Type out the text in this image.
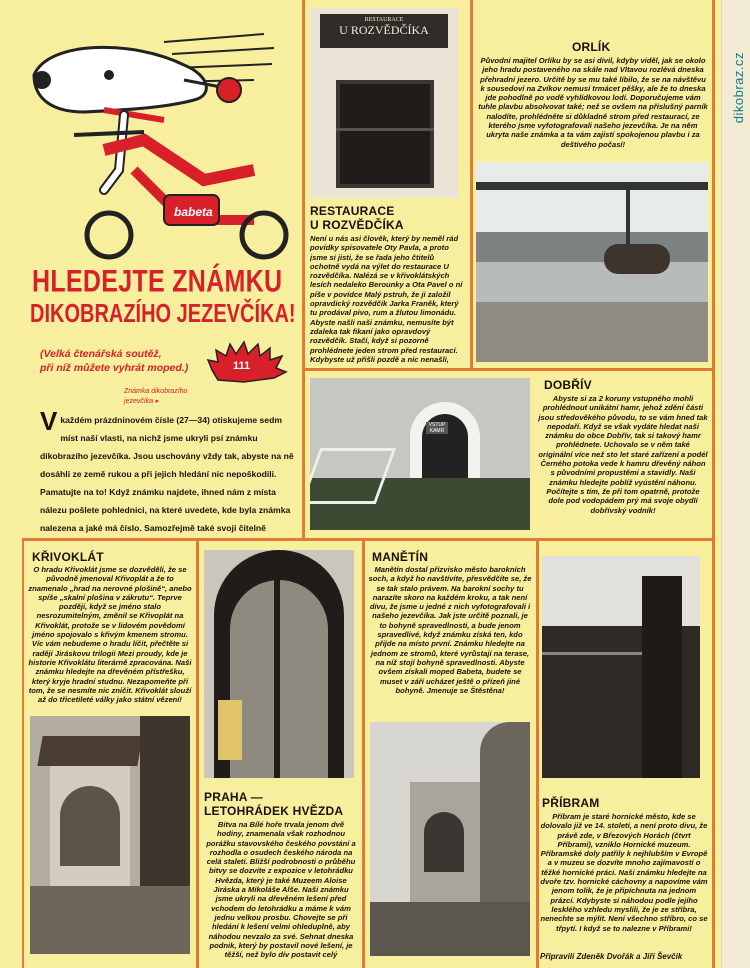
babeta
HLEDEJTE ZNÁMKU
DIKOBRAZÍHO JEZEVČÍKA!
(Velká čtenářská soutěž,
při níž můžete vyhrát moped.)	111
Známka dikobrazího
jezevčíka ▸
V každém prázdninovém čísle (27—34) otiskujeme sedm míst naší vlasti, na nichž jsme ukryli psí známku dikobrazího jezevčíka. Jsou uschovány vždy tak, abyste na ně dosáhli ze země rukou a při jejich hledání nic nepoškodili. Pamatujte na to! Když známku najdete, ihned nám z místa nálezu pošlete pohlednici, na které uvedete, kde byla známka nalezena a jaké má číslo. Samozřejmě také svoji čitelně
RESTAURACE
U ROZVĚDČÍKA
RESTAURACE
U ROZVĚDČÍKA
Není u nás asi člověk, který by neměl rád povídky spisovatele Oty Pavla, a proto jsme si jisti, že se řada jeho čtitelů ochotně vydá na výlet do restaurace U rozvědčíka. Nalézá se v křivoklátských lesích nedaleko Berounky a Ota Pavel o ní píše v povídce Malý pstruh, že ji založil opravdický rozvědčík Jarka Franěk, který tu prodával pivo, rum a žlutou limonádu. Abyste našli naši známku, nemusíte být zdaleka tak fikaní jako opravdový rozvědčík. Stačí, když si pozorně prohlédnete jeden strom před restaurací. Kdybyste už přišli pozdě a nic nenašli,
ORLÍK
Původní majitel Orlíku by se asi divil, kdyby viděl, jak se okolo jeho hradu postaveného na skále nad Vltavou rozlévá dneska přehradní jezero. Určitě by se mu také líbilo, že se na návštěvu k sousedovi na Zvíkov nemusí trmácet pěšky, ale že to dneska jde pohodlně po vodě vyhlídkovou lodí. Doporučujeme vám tuhle plavbu absolvovat také; než se ovšem na příslušný parník nalodíte, prohlédněte si důkladně strom před restaurací, ze kterého jsme vyfotografovali našeho jezevčíka. Je na něm ukryta naše známka a ta vám zajistí spokojenou plavbu i za deštivého počasí!
VSTUP KAMR
DOBŘÍV
Abyste si za 2 koruny vstupného mohli prohlédnout unikátní hamr, jehož zdění části jsou středověkého původu, to se vám hned tak nepodaří. Když se však vydáte hledat naši známku do obce Dobřív, tak si takový hamr prohlédnete. Uchovalo se v něm také originální více než sto let staré zařízení a podél Černého potoka vede k hamru dřevěný náhon s původními propustěmi a stavidly. Naši známku hledejte poblíž vyústění náhonu. Počítejte s tím, že při tom opatrně, protože dole pod vodopádem prý má svoje obydlí dobřívský vodník!
KŘIVOKLÁT
O hradu Křivoklát jsme se dozvěděli, že se původně jmenoval Křivoplát a že to znamenalo „hrad na nerovné plošině“, anebo spíše „skalní plošina v zákrutu“. Teprve později, když se jméno stalo nesrozumitelným, změnil se Křivoplát na Křivoklát, protože se v lidovém povědomí jméno spojovalo s křivým kmenem stromu. Víc vám nebudeme o hradu líčit, přečtěte si raději Jiráskovu trilogii Mezi proudy, kde je historie Křivoklátu literárně zpracována. Naši známku hledejte na dřevěném přístřešku, který kryje hradní studnu. Nezapomeňte při tom, že se nesmíte nic zničit. Křivoklát slouží až do třicetileté války jako státní vězení!
PRAHA —
LETOHRÁDEK HVĚZDA
Bitva na Bílé hoře trvala jenom dvě hodiny, znamenala však rozhodnou porážku stavovského českého povstání a rozhodla o osudech českého národa na celá staletí. Bližší podrobnosti o průběhu bitvy se dozvíte z expozice v letohrádku Hvězda, který je také Muzeem Aloise Jiráska a Mikoláše Alše. Naši známku jsme ukryli na dřevěném lešení před vchodem do letohrádku a máme k vám jednu velkou prosbu. Chovejte se při hledání k lešení velmi ohleduplně, aby náhodou nevzalo za své. Sehnat dneska podnik, který by postavil nové lešení, je těžší, než bylo dív postavit celý
MANĚTÍN
Manětín dostal přízvisko město barokních soch, a když ho navštívíte, přesvědčíte se, že se tak stalo právem. Na barokní sochy tu narazíte skoro na každém kroku, a tak není divu, že jsme u jedné z nich vyfotografovali i našeho jezevčíka. Jak jste určitě poznali, je to bohyně spravedlnosti, a bude jenom spravedlivé, když známku získá ten, kdo přijde na místo první. Známku hledejte na jednom ze stromů, které vyrůstají na terase, na níž stojí bohyně spravedlnosti. Abyste ovšem získali moped Babeta, budete se muset v září ucházet ještě o přízeň jiné bohyně. Jmenuje se Štěstěna!
PŘÍBRAM
Příbram je staré hornické město, kde se dolovalo již ve 14. století, a není proto divu, že právě zde, v Březových Horách (čtvrt Příbrami), vzniklo Hornické muzeum. Příbramské doly patřily k nejhlubším v Evropě a v muzeu se dozvíte mnoho zajímavostí o těžké hornické práci. Naši známku hledejte na dvoře tzv. hornické cáchovny a napovíme vám jenom tolik, že je připíchnuta na jednom prázcí. Kdybyste si náhodou podle jejího lesklého vzhledu myslili, že je ze stříbra, nenechte se mýlit. Není všechno stříbro, co se třpytí. I když se to nalezne v Příbrami!
Připravili Zdeněk Dvořák a Jiří Ševčík
dikobraz.cz
